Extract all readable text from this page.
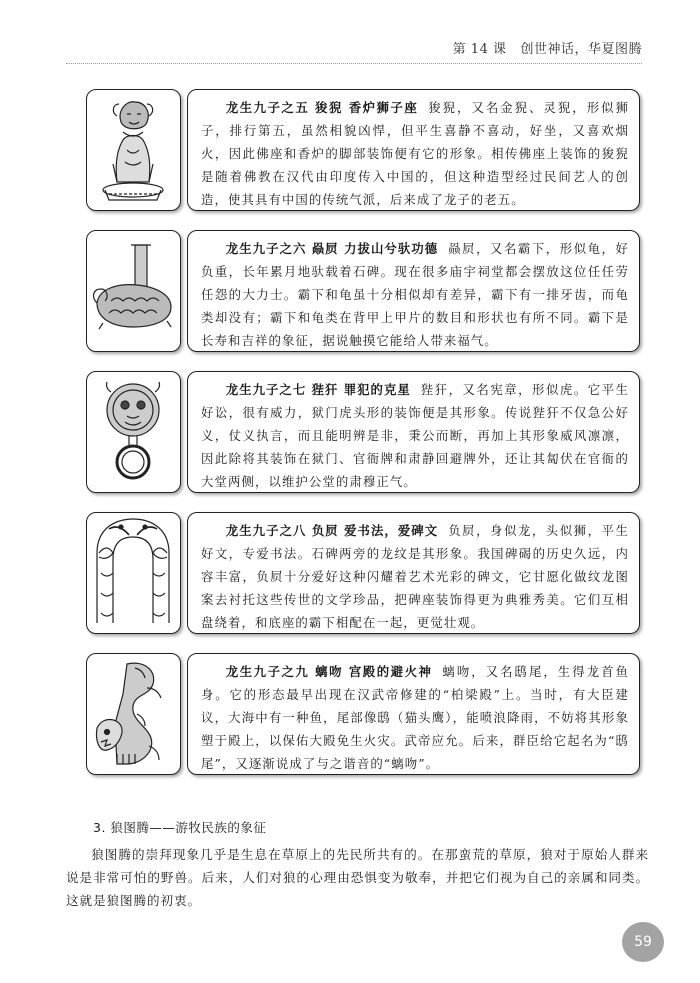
第 14 课 创世神话，华夏图腾
龙生九子之五 狻猊 香炉狮子座 狻猊，又名金猊、灵猊，形似狮子，排行第五，虽然相貌凶悍，但平生喜静不喜动，好坐，又喜欢烟火，因此佛座和香炉的脚部装饰便有它的形象。相传佛座上装饰的狻猊是随着佛教在汉代由印度传入中国的，但这种造型经过民间艺人的创造，使其具有中国的传统气派，后来成了龙子的老五。
龙生九子之六 赑屃 力拔山兮驮功德 赑屃，又名霸下，形似龟，好负重，长年累月地驮载着石碑。现在很多庙宇祠堂都会摆放这位任任劳任怨的大力士。霸下和龟虽十分相似却有差异，霸下有一排牙齿，而龟类却没有；霸下和龟类在背甲上甲片的数目和形状也有所不同。霸下是长寿和吉祥的象征，据说触摸它能给人带来福气。
龙生九子之七 狴犴 罪犯的克星 狴犴，又名宪章，形似虎。它平生好讼，很有威力，狱门虎头形的装饰便是其形象。传说狴犴不仅急公好义，仗义执言，而且能明辨是非，秉公而断，再加上其形象威风凛凛，因此除将其装饰在狱门、官衙牌和肃静回避牌外，还让其匐伏在官衙的大堂两侧，以维护公堂的肃穆正气。
龙生九子之八 负屃 爱书法，爱碑文 负屃，身似龙，头似狮，平生好文，专爱书法。石碑两旁的龙纹是其形象。我国碑碣的历史久远，内容丰富，负屃十分爱好这种闪耀着艺术光彩的碑文，它甘愿化做纹龙图案去衬托这些传世的文学珍品，把碑座装饰得更为典雅秀美。它们互相盘绕着，和底座的霸下相配在一起，更觉壮观。
龙生九子之九 螭吻 宫殿的避火神 螭吻，又名鸱尾，生得龙首鱼身。它的形态最早出现在汉武帝修建的“柏梁殿”上。当时，有大臣建议，大海中有一种鱼，尾部像鸱（猫头鹰），能喷浪降雨，不妨将其形象塑于殿上，以保佑大殿免生火灾。武帝应允。后来，群臣给它起名为“鸱尾”，又逐渐说成了与之谐音的“螭吻”。
3. 狼图腾——游牧民族的象征

狼图腾的崇拜现象几乎是生息在草原上的先民所共有的。在那蛮荒的草原，狼对于原始人群来说是非常可怕的野兽。后来，人们对狼的心理由恐惧变为敬奉，并把它们视为自己的亲属和同类。这就是狼图腾的初衷。

59
